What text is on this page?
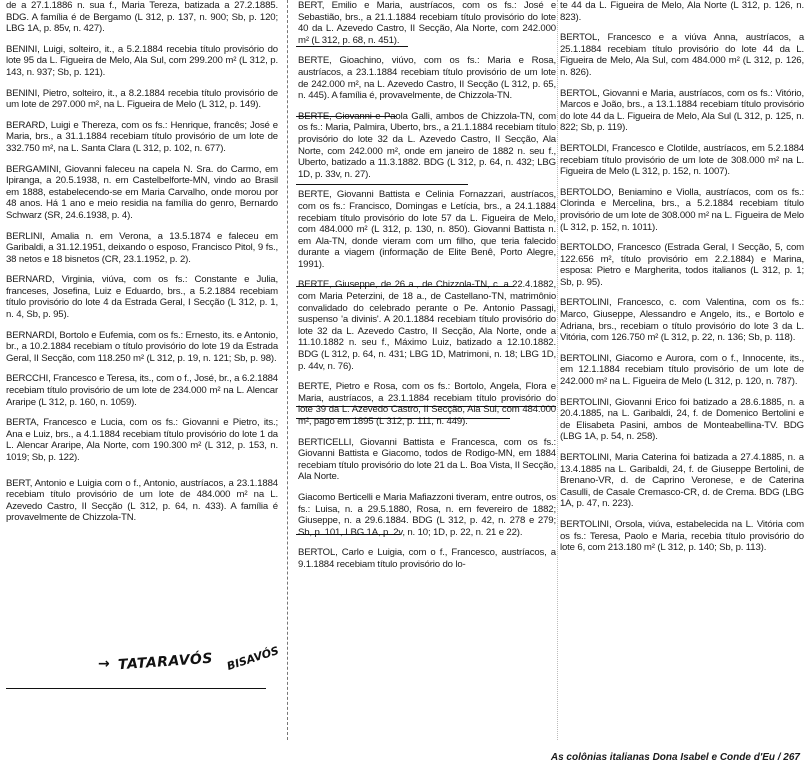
de a 27.1.1886 n. sua f., Maria Tereza, batizada a 27.2.1885. BDG. A família é de Bergamo (L 312, p. 137, n. 900; Sb, p. 120; LBG 1A, p. 85v, n. 427).

BENINI, Luigi, solteiro, it., a 5.2.1884 recebia título provisório do lote 95 da L. Figueira de Melo, Ala Sul, com 299.200 m² (L 312, p. 143, n. 937; Sb, p. 121).

BENINI, Pietro, solteiro, it., a 8.2.1884 recebia título provisório de um lote de 297.000 m², na L. Figueira de Melo (L 312, p. 149).

BERARD, Luigi e Thereza, com os fs.: Henrique, francês; José e Maria, brs., a 31.1.1884 recebiam título provisório de um lote de 332.750 m², na L. Santa Clara (L 312, p. 102, n. 677).

BERGAMINI, Giovanni faleceu na capela N. Sra. do Carmo, em Ipiranga, a 20.5.1938, n. em Castelbelforte-MN, vindo ao Brasil em 1888, estabelecendo-se em Maria Carvalho, onde morou por 48 anos. Há 1 ano e meio residia na família do genro, Bernardo Schwarz (SR, 24.6.1938, p. 4).

BERLINI, Amalia n. em Verona, a 13.5.1874 e faleceu em Garibaldi, a 31.12.1951, deixando o esposo, Francisco Pitol, 9 fs., 38 netos e 18 bisnetos (CR, 23.1.1952, p. 2).

BERNARD, Virginia, viúva, com os fs.: Constante e Julia, franceses, Josefina, Luiz e Eduardo, brs., a 5.2.1884 recebiam título provisório do lote 4 da Estrada Geral, I Secção (L 312, p. 1, n. 4, Sb, p. 95).

BERNARDI, Bortolo e Eufemia, com os fs.: Ernesto, its. e Antonio, br., a 10.2.1884 recebiam o título provisório do lote 19 da Estrada Geral, II Secção, com 118.250 m² (L 312, p. 19, n. 121; Sb, p. 98).

BERCCHI, Francesco e Teresa, its., com o f., José, br., a 6.2.1884 recebiam título provisório de um lote de 234.000 m² na L. Alencar Araripe (L 312, p. 160, n. 1059).

BERTA, Francesco e Lucia, com os fs.: Giovanni e Pietro, its.; Ana e Luiz, brs., a 4.1.1884 recebiam título provisório do lote 1 da L. Alencar Araripe, Ala Norte, com 190.300 m² (L 312, p. 153, n. 1019; Sb, p. 122).

BERT, Antonio e Luigia com o f., Antonio, austríacos, a 23.1.1884 recebiam título provisório de um lote de 484.000 m² na L. Azevedo Castro, II Secção (L 312, p. 64, n. 433). A família é provavelmente de Chizzola-TN.

BERT, Emilio e Maria, austríacos, com os fs.: José e Sebastião, brs., a 21.1.1884 recebiam título provisório do lote 40 da L. Azevedo Castro, II Secção, Ala Norte, com 242.000 m² (L 312, p. 68, n. 451).

BERTE, Gioachino, viúvo, com os fs.: Maria e Rosa, austríacos, a 23.1.1884 recebiam título provisório de um lote de 242.000 m², na L. Azevedo Castro, II Secção (L 312, p. 65, n. 445). A família é, provavelmente, de Chizzola-TN.

BERTE, Giovanni e Paola Galli, ambos de Chizzola-TN, com os fs.: Maria, Palmira, Uberto, brs., a 21.1.1884 recebiam título provisório do lote 32 da L. Azevedo Castro, II Secção, Ala Norte, com 242.000 m², onde em janeiro de 1882 n. seu f., Uberto, batizado a 11.3.1882. BDG (L 312, p. 64, n. 432; LBG 1D, p. 33v, n. 27).

BERTE, Giovanni Battista e Celinia Fornazzari, austríacos, com os fs.: Francisco, Domingas e Letícia, brs., a 24.1.1884 recebiam título provisório do lote 57 da L. Figueira de Melo, com 484.000 m² (L 312, p. 130, n. 850). Giovanni Battista n. em Ala-TN, donde vieram com um filho, que teria falecido durante a viagem (informação de Elite Benê, Porto Alegre, 1991).

BERTE, Giuseppe, de 26 a., de Chizzola-TN, c. a 22.4.1882, com Maria Peterzini, de 18 a., de Castellano-TN, matrimônio convalidado do celebrado perante o Pe. Antonio Passagi, suspenso 'a divinis'. A 20.1.1884 recebiam título provisório do lote 32 da L. Azevedo Castro, II Secção, Ala Norte, onde a 11.10.1882 n. seu f., Máximo Luiz, batizado a 12.10.1882. BDG (L 312, p. 64, n. 431; LBG 1D, Matrimoni, n. 18; LBG 1D, p. 44v, n. 76).

BERTE, Pietro e Rosa, com os fs.: Bortolo, Angela, Flora e Maria, austríacos, a 23.1.1884 recebiam título provisório do lote 39 da L. Azevedo Castro, II Secção, Ala Sul, com 484.000 m², pago em 1895 (L 312, p. 111, n. 449).

BERTICELLI, Giovanni Battista e Francesca, com os fs.: Giovanni Battista e Giacomo, todos de Rodigo-MN, em 1884 recebiam título provisório do lote 21 da L. Boa Vista, II Secção, Ala Norte.

Giacomo Berticelli e Maria Mafiazzoni tiveram, entre outros, os fs.: Luisa, n. a 29.5.1880, Rosa, n. em fevereiro de 1882; Giuseppe, n. a 29.6.1884. BDG (L 312, p. 42, n. 278 e 279; Sb, p. 101, LBG 1A, p. 2v, n. 10; 1D, p. 22, n. 21 e 22).

BERTOL, Carlo e Luigia, com o f., Francesco, austríacos, a 9.1.1884 recebiam título provisório do lo-

te 44 da L. Figueira de Melo, Ala Norte (L 312, p. 126, n. 823).

BERTOL, Francesco e a viúva Anna, austríacos, a 25.1.1884 recebiam título provisório do lote 44 da L. Figueira de Melo, Ala Sul, com 484.000 m² (L 312, p. 126, n. 826).

BERTOL, Giovanni e Maria, austríacos, com os fs.: Vitório, Marcos e João, brs., a 13.1.1884 recebiam título provisório do lote 44 da L. Figueira de Melo, Ala Sul (L 312, p. 125, n. 822; Sb, p. 119).

BERTOLDI, Francesco e Clotilde, austríacos, em 5.2.1884 recebiam título provisório de um lote de 308.000 m² na L. Figueira de Melo (L 312, p. 152, n. 1007).

BERTOLDO, Beniamino e Violla, austríacos, com os fs.: Clorinda e Mercelina, brs., a 5.2.1884 recebiam título provisório de um lote de 308.000 m² na L. Figueira de Melo (L 312, p. 152, n. 1011).

BERTOLDO, Francesco (Estrada Geral, I Secção, 5, com 122.656 m², título provisório em 2.2.1884) e Marina, esposa: Pietro e Margherita, todos italianos (L 312, p. 1; Sb, p. 95).

BERTOLINI, Francesco, c. com Valentina, com os fs.: Marco, Giuseppe, Alessandro e Angelo, its., e Bortolo e Adriana, brs., recebiam o título provisório do lote 3 da L. Vitória, com 126.750 m² (L 312, p. 22, n. 136; Sb, p. 118).

BERTOLINI, Giacomo e Aurora, com o f., Innocente, its., em 12.1.1884 recebiam título provisório de um lote de 242.000 m² na L. Figueira de Melo (L 312, p. 120, n. 787).

BERTOLINI, Giovanni Erico foi batizado a 28.6.1885, n. a 20.4.1885, na L. Garibaldi, 24, f. de Domenico Bertolini e de Elisabeta Pasini, ambos de Monteabellina-TV. BDG (LBG 1A, p. 54, n. 258).

BERTOLINI, Maria Caterina foi batizada a 27.4.1885, n. a 13.4.1885 na L. Garibaldi, 24, f. de Giuseppe Bertolini, de Brenano-VR, d. de Caprino Veronese, e de Caterina Casulli, de Casale Cremasco-CR, d. de Crema. BDG (LBG 1A, p. 47, n. 223).

BERTOLINI, Orsola, viúva, estabelecida na L. Vitória com os fs.: Teresa, Paolo e Maria, recebia título provisório do lote 6, com 213.180 m² (L 312, p. 140; Sb, p. 113).

→ TATARAVÓS BISAVÓS
As colônias italianas Dona Isabel e Conde d'Eu / 267
